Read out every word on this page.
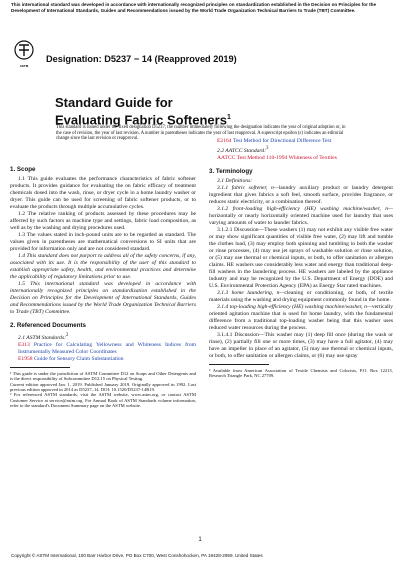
This international standard was developed in accordance with internationally recognized principles on standardization established in the Decision on Principles for the Development of International Standards, Guides and Recommendations issued by the World Trade Organization Technical Barriers to Trade (TBT) Committee.
ASTM
Designation: D5237 − 14 (Reapproved 2019)
Standard Guide for
Evaluating Fabric Softeners$^1$
This standard is issued under the fixed designation D5237; the number immediately following the designation indicates the year of original adoption or, in the case of revision, the year of last revision. A number in parentheses indicates the year of last reapproval. A superscript epsilon (ε) indicates an editorial change since the last revision or reapproval.

1. Scope

1.1 This guide evaluates the performance characteristics of fabric softener products. It provides guidance for evaluating the on fabric efficacy of treatment chemicals dosed into the wash, rinse, or dryer cycle in a home laundry washer or dryer. This guide can be used for screening of fabric softener products, or to evaluate the products through multiple accumulative cycles.

1.2 The relative ranking of products assessed by these procedures may be affected by such factors as machine type and settings, fabric load composition, as well as by the washing and drying procedures used.

1.3 The values stated in inch-pound units are to be regarded as standard. The values given in parentheses are mathematical conversions to SI units that are provided for information only and are not considered standard.

1.4 This standard does not purport to address all of the safety concerns, if any, associated with its use. It is the responsibility of the user of this standard to establish appropriate safety, health, and environmental practices and determine the applicability of regulatory limitations prior to use.

1.5 This international standard was developed in accordance with internationally recognized principles on standardization established in the Decision on Principles for the Development of International Standards, Guides and Recommendations issued by the World Trade Organization Technical Barriers to Trade (TBT) Committee.

2. Referenced Documents

2.1 ASTM Standards:$^2$

E313 Practice for Calculating Yellowness and Whiteness Indices from Instrumentally Measured Color Coordinates

E1958 Guide for Sensory Claim Substantiation

¹ This guide is under the jurisdiction of ASTM Committee D12 on Soaps and Other Detergents and is the direct responsibility of Subcommittee D12.15 on Physical Testing.

Current edition approved Jan. 1, 2019. Published January 2019. Originally approved in 1992. Last previous edition approved in 2014 as D5237–14. DOI: 10.1520/D5237-14R19.

² For referenced ASTM standards, visit the ASTM website, www.astm.org, or contact ASTM Customer Service at service@astm.org. For Annual Book of ASTM Standards volume information, refer to the standard's Document Summary page on the ASTM website.

E2164 Test Method for Directional Difference Test

2.2 AATCC Standard:$^3$

AATCC Test Method 110-1994 Whiteness of Textiles

3. Terminology

3.1 Definitions:

3.1.1 fabric softener, n—laundry auxiliary product or laundry detergent ingredient that gives fabrics a soft feel, smooth surface, provides fragrance, or reduces static electricity, or a combination thereof.

3.1.2 front-loading high-efficiency (HE) washing machine/washer, n—horizontally or nearly horizontally oriented machine used for laundry that uses varying amounts of water to launder fabrics.

3.1.2.1 Discussion—These washers (1) may not exhibit any visible free water or may show significant quantities of visible free water, (2) may lift and tumble the clothes load, (3) may employ both spinning and tumbling in both the washer or rinse processes, (4) may use jet sprays of washable solution or rinse solution, or (5) may use thermal or chemical inputs, or both, to offer sanitation or allergen claims. HE washers use considerably less water and energy than traditional deep-fill washers in the laundering process. HE washers are labeled by the appliance industry and may be recognized by the U.S. Department of Energy (DOE) and U.S. Environmental Protection Agency (EPA) as Energy Star rated machines.

3.1.3 home laundering, n—cleaning or conditioning, or both, of textile materials using the washing and drying equipment commonly found in the home.

3.1.4 top-loading high-efficiency (HE) washing machine/washer, n—vertically oriented agitation machine that is used for home laundry, with the fundamental difference from a traditional top-loading washer being that this washer uses reduced water resources during the process.

3.1.4.1 Discussion—This washer may (1) deep fill once (during the wash or rinse), (2) partially fill one or more times, (3) may have a full agitator, (4) may have an impeller in place of an agitator, (5) may use thermal or chemical inputs, or both, to offer sanitation or allergen claims, or (6) may use spray

³ Available from American Association of Textile Chemists and Colorists, P.O. Box 12215, Research Triangle Park, NC 27709.

1
Copyright © ASTM International, 100 Barr Harbor Drive, PO Box C700, West Conshohocken, PA 19428-2959. United States
